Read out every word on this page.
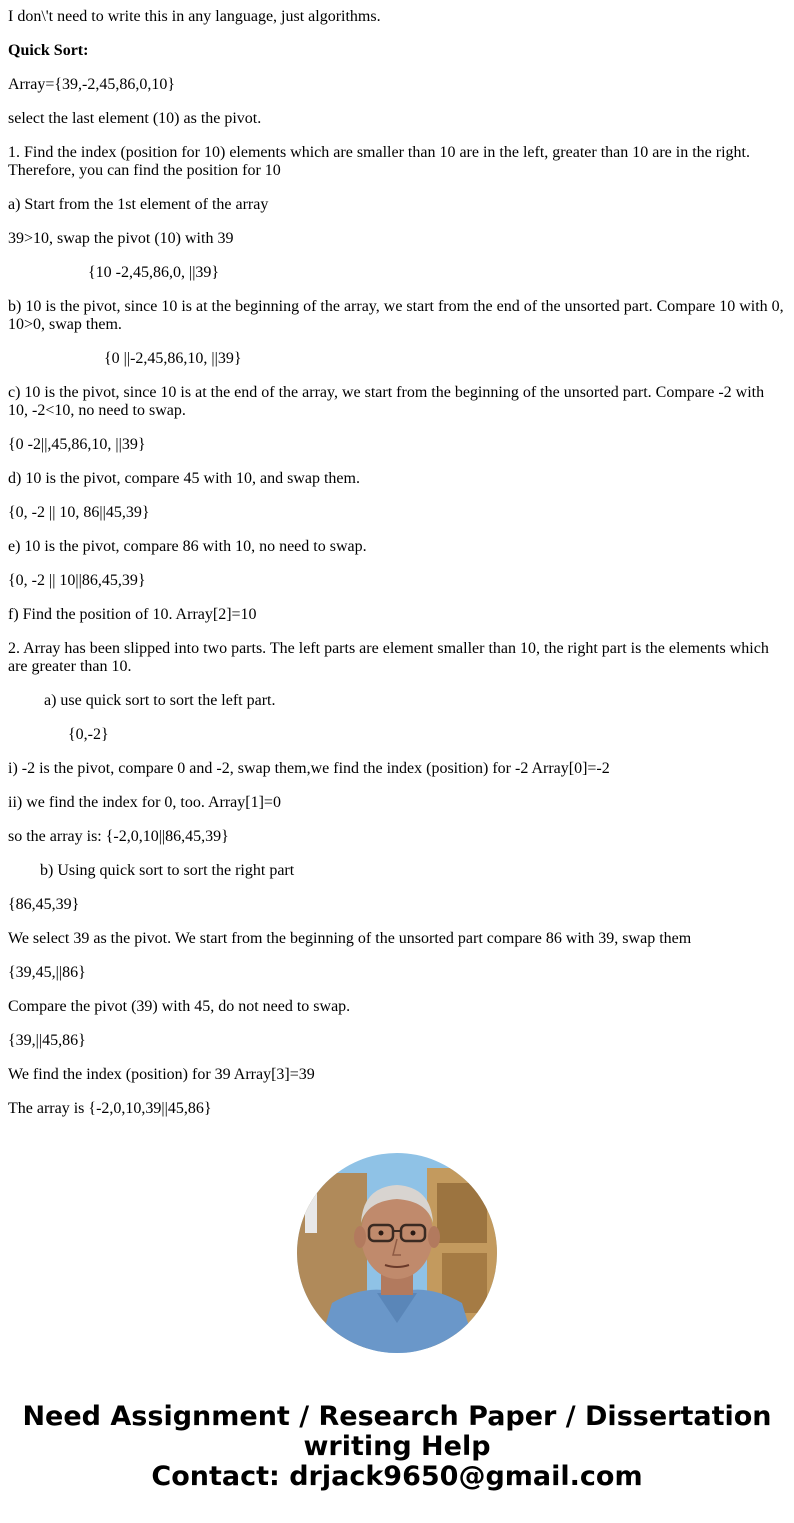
I don\'t need to write this in any language, just algorithms.
Quick Sort:
Array={39,-2,45,86,0,10}
select the last element (10) as the pivot.
1. Find the index (position for 10) elements which are smaller than 10 are in the left, greater than 10 are in the right. Therefore, you can find the position for 10
a) Start from the 1st element of the array
39>10, swap the pivot (10) with 39
{10 -2,45,86,0, ||39}
b) 10 is the pivot, since 10 is at the beginning of the array, we start from the end of the unsorted part. Compare 10 with 0, 10>0, swap them.
{0 ||-2,45,86,10, ||39}
c) 10 is the pivot, since 10 is at the end of the array, we start from the beginning of the unsorted part. Compare -2 with 10, -2<10, no need to swap.
{0 -2||,45,86,10, ||39}
d) 10 is the pivot, compare 45 with 10, and swap them.
{0, -2 || 10, 86||45,39}
e) 10 is the pivot, compare 86 with 10, no need to swap.
{0, -2 || 10||86,45,39}
f) Find the position of 10. Array[2]=10
2. Array has been slipped into two parts. The left parts are element smaller than 10, the right part is the elements which are greater than 10.
a) use quick sort to sort the left part.
{0,-2}
i) -2 is the pivot, compare 0 and -2, swap them,we find the index (position) for -2 Array[0]=-2
ii) we find the index for 0, too. Array[1]=0
so the array is: {-2,0,10||86,45,39}
b) Using quick sort to sort the right part
{86,45,39}
We select 39 as the pivot. We start from the beginning of the unsorted part compare 86 with 39, swap them
{39,45,||86}
Compare the pivot (39) with 45, do not need to swap.
{39,||45,86}
We find the index (position) for 39 Array[3]=39
The array is {-2,0,10,39||45,86}
Need Assignment / Research Paper / Dissertation
writing Help
Contact: drjack9650@gmail.com
